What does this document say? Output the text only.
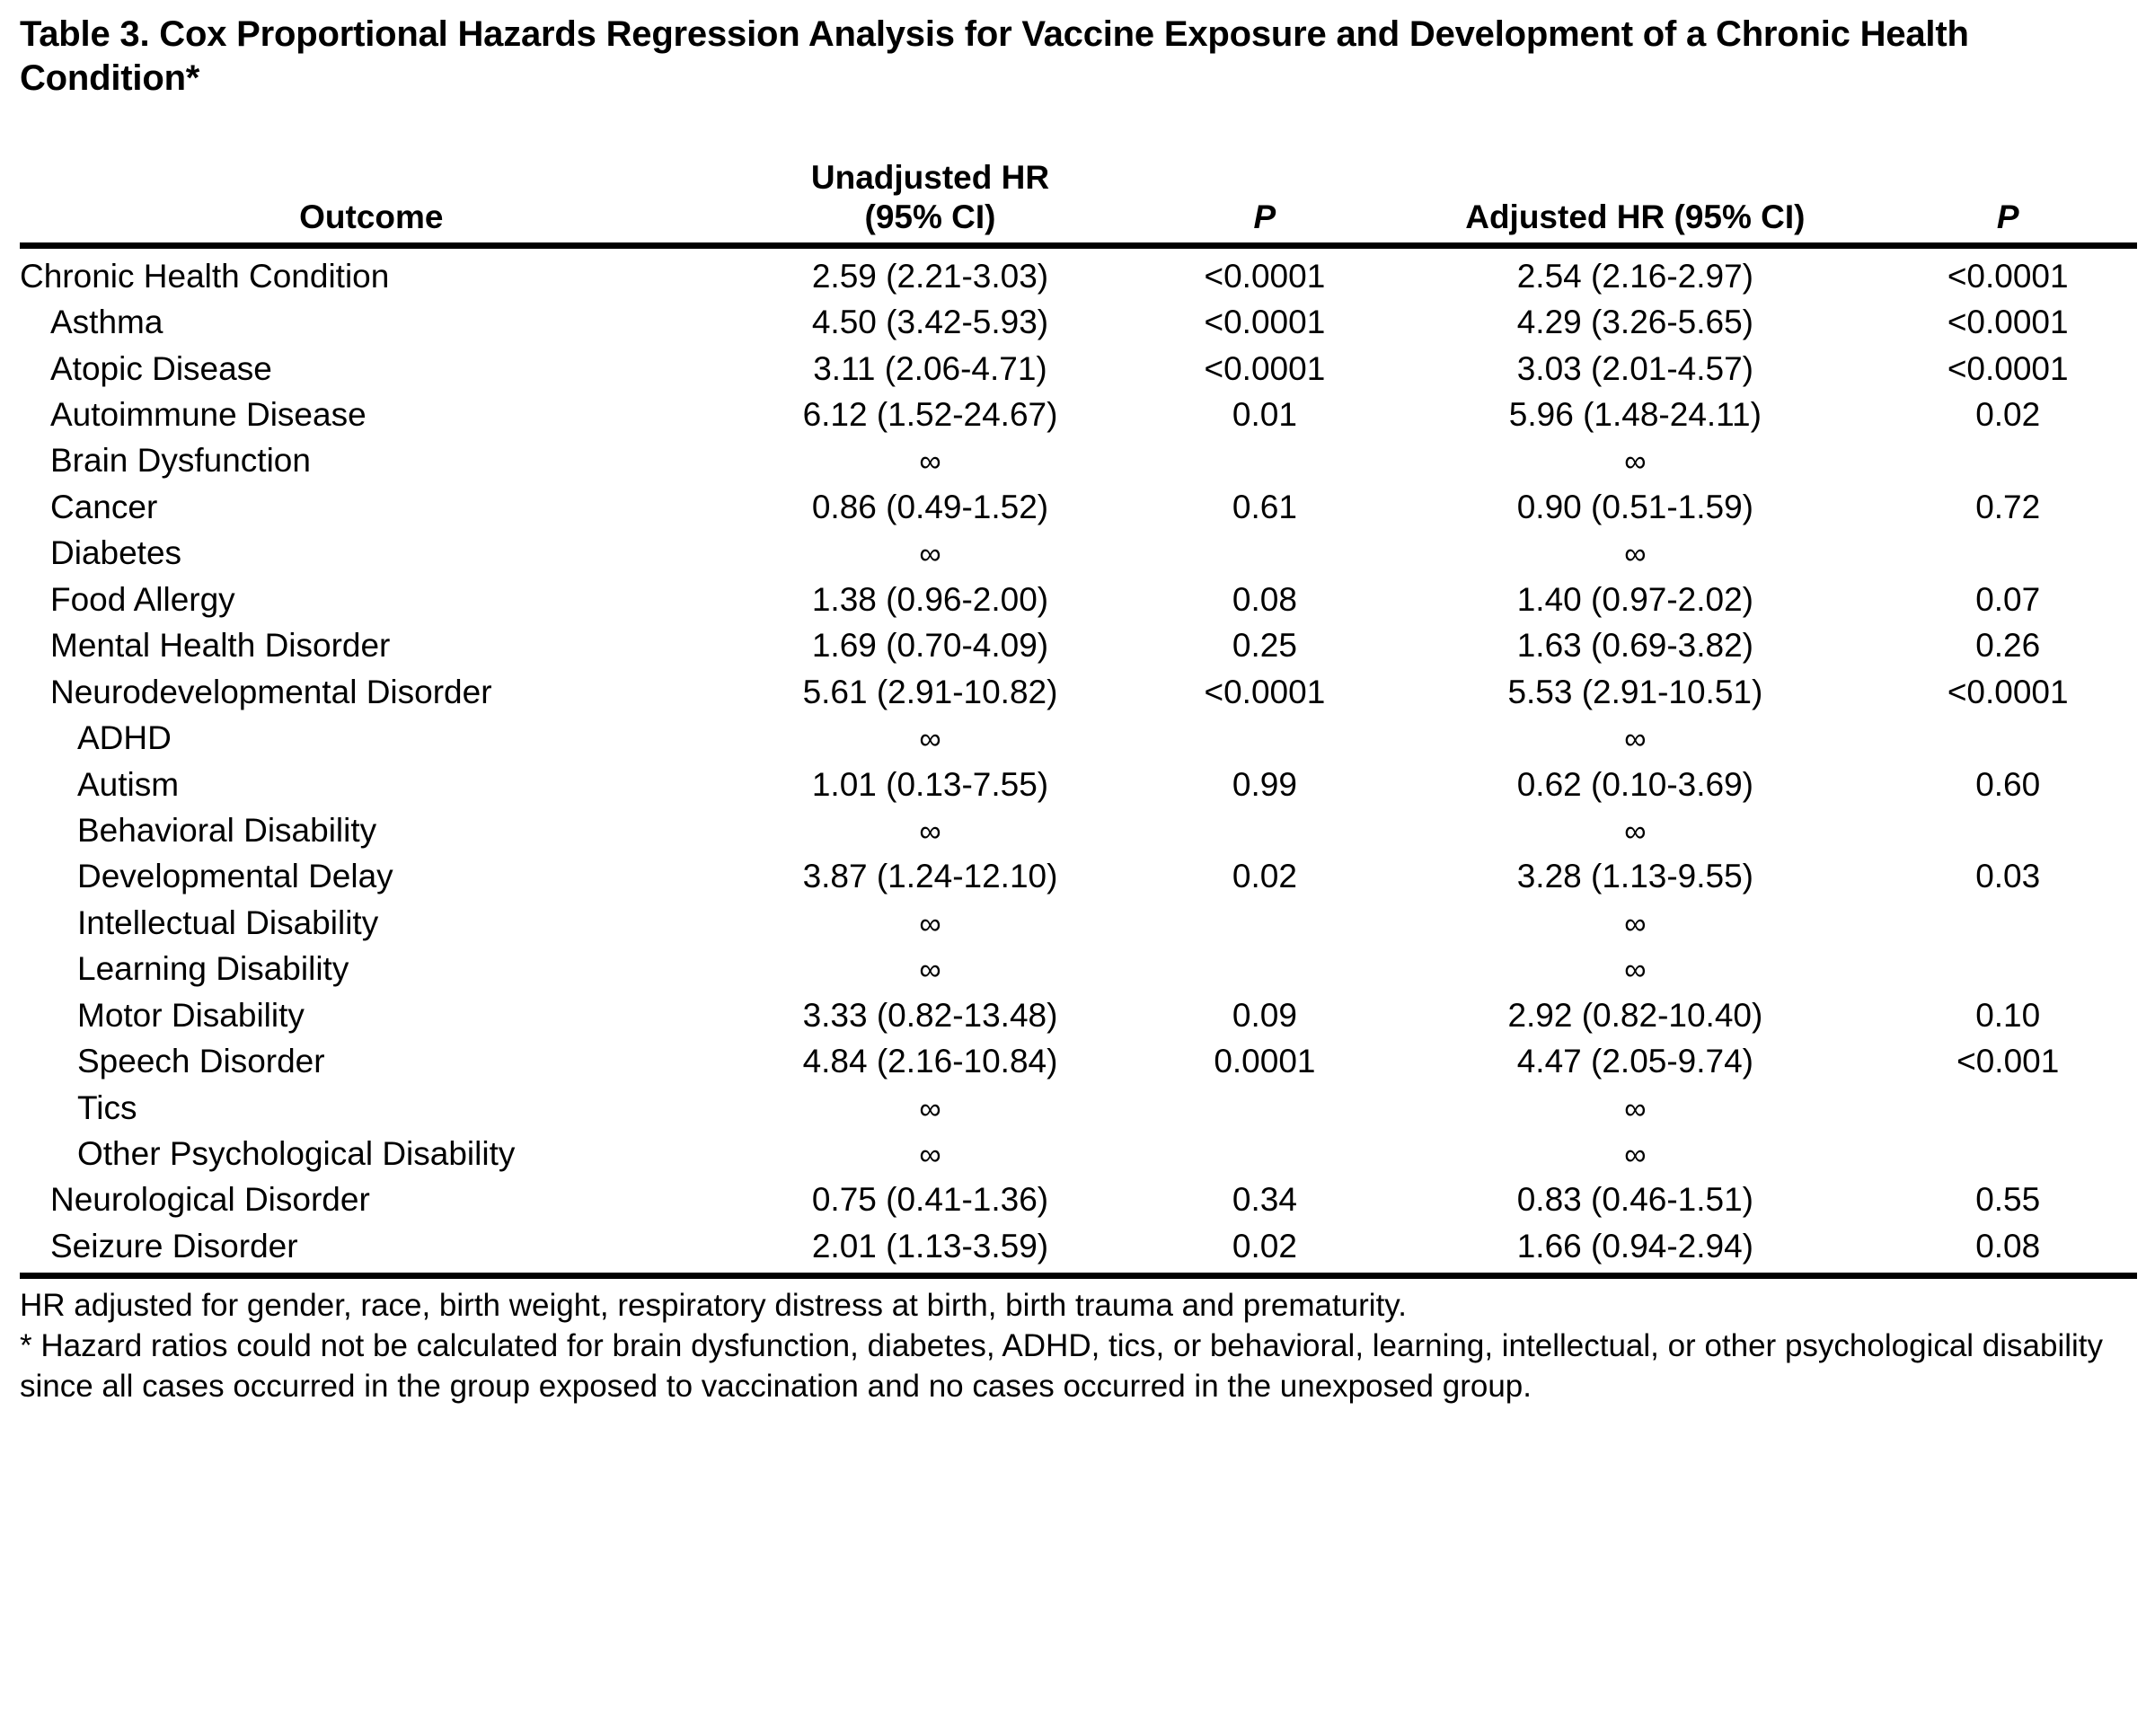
Table 3. Cox Proportional Hazards Regression Analysis for Vaccine Exposure and Development of a Chronic Health Condition*
Outcome	Unadjusted HR
(95% CI)	P	Adjusted HR (95% CI)	P

Chronic Health Condition	2.59 (2.21-3.03)	<0.0001	2.54 (2.16-2.97)	<0.0001
Asthma	4.50 (3.42-5.93)	<0.0001	4.29 (3.26-5.65)	<0.0001
Atopic Disease	3.11 (2.06-4.71)	<0.0001	3.03 (2.01-4.57)	<0.0001
Autoimmune Disease	6.12 (1.52-24.67)	0.01	5.96 (1.48-24.11)	0.02
Brain Dysfunction	∞		∞	
Cancer	0.86 (0.49-1.52)	0.61	0.90 (0.51-1.59)	0.72
Diabetes	∞		∞	
Food Allergy	1.38 (0.96-2.00)	0.08	1.40 (0.97-2.02)	0.07
Mental Health Disorder	1.69 (0.70-4.09)	0.25	1.63 (0.69-3.82)	0.26
Neurodevelopmental Disorder	5.61 (2.91-10.82)	<0.0001	5.53 (2.91-10.51)	<0.0001
ADHD	∞		∞	
Autism	1.01 (0.13-7.55)	0.99	0.62 (0.10-3.69)	0.60
Behavioral Disability	∞		∞	
Developmental Delay	3.87 (1.24-12.10)	0.02	3.28 (1.13-9.55)	0.03
Intellectual Disability	∞		∞	
Learning Disability	∞		∞	
Motor Disability	3.33 (0.82-13.48)	0.09	2.92 (0.82-10.40)	0.10
Speech Disorder	4.84 (2.16-10.84)	0.0001	4.47 (2.05-9.74)	<0.001
Tics	∞		∞	
Other Psychological Disability	∞		∞	
Neurological Disorder	0.75 (0.41-1.36)	0.34	0.83 (0.46-1.51)	0.55
Seizure Disorder	2.01 (1.13-3.59)	0.02	1.66 (0.94-2.94)	0.08

HR adjusted for gender, race, birth weight, respiratory distress at birth, birth trauma and prematurity.

* Hazard ratios could not be calculated for brain dysfunction, diabetes, ADHD, tics, or behavioral, learning, intellectual, or other psychological disability since all cases occurred in the group exposed to vaccination and no cases occurred in the unexposed group.
